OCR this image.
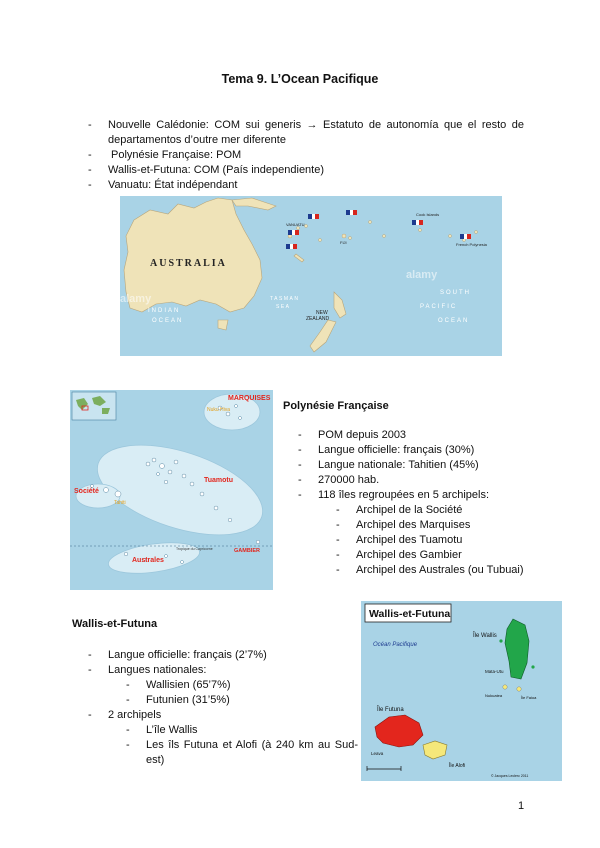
Tema 9. L’Ocean Pacifique
- Nouvelle Calédonie: COM sui generis → Estatuto de autonomía que el resto de departamentos d’outre mer diferente
- Polynésie Française: POM
- Wallis-et-Futuna: COM (País independiente)
- Vanuatu: État indépendant
AUSTRALIA
INDIAN
OCEAN
TASMAN
SEA
NEW
ZEALAND
SOUTH
PACIFIC
OCEAN
FIJI
VANUATU
Cook Islands
French Polynesia
alamy
alamy
Tropique du Capricorne
MARQUISES
Nuku Hiva
Tuamotu
Société
Tahiti
Australes
GAMBIER
Polynésie Française
- POM depuis 2003
- Langue officielle: français (30%)
- Langue nationale: Tahitien (45%)
- 270000 hab.
- 118 îles regroupées en 5 archipels:
- Archipel de la Société
- Archipel des Marquises
- Archipel des Tuamotu
- Archipel des Gambier
- Archipel des Australes (ou Tubuai)
Wallis-et-Futuna
- Langue officielle: français (2’7%)
- Langues nationales:
- Wallisien (65’7%)
- Futunien (31’5%)
- 2 archipels
- L’île Wallis
- Les îls Futuna et Alofi (à 240 km au Sud-est)
Wallis-et-Futuna
Océan Pacifique
Île Wallis
Mata-Utu
Nukuatea	Île Faioa
Île Futuna
Leava
Île Alofi
© Jacques Leclerc 2011
1
